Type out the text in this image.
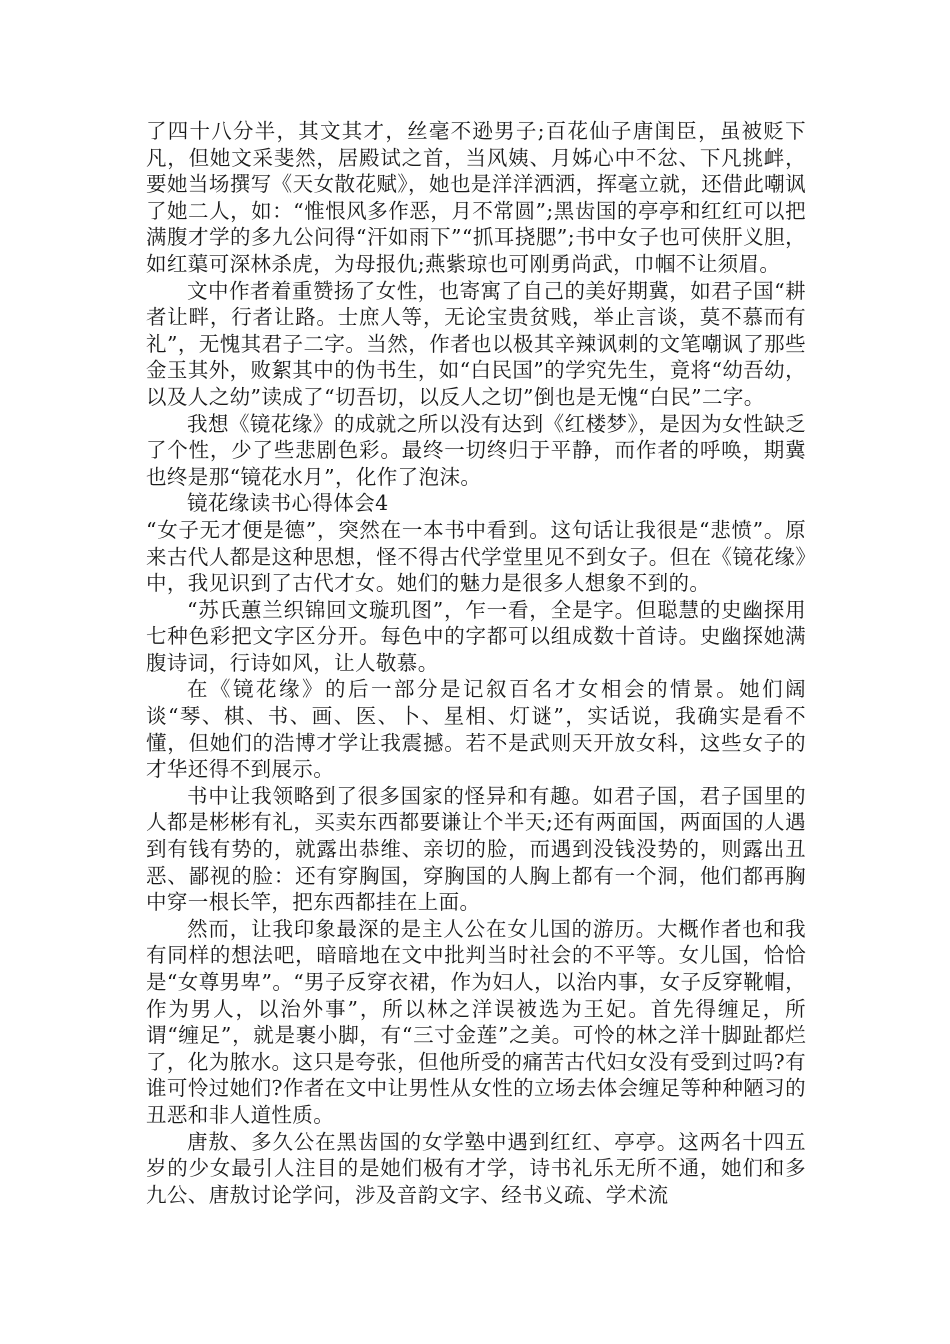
了四十八分半，其文其才，丝毫不逊男子;百花仙子唐闺臣，虽被贬下凡，但她文采斐然，居殿试之首，当风姨、月姊心中不忿、下凡挑衅，要她当场撰写《天女散花赋》，她也是洋洋洒洒，挥毫立就，还借此嘲讽了她二人，如：“惟恨风多作恶，月不常圆”;黑齿国的亭亭和红红可以把满腹才学的多九公问得“汗如雨下”“抓耳挠腮”;书中女子也可侠肝义胆，如红蕖可深林杀虎，为母报仇;燕紫琼也可刚勇尚武，巾帼不让须眉。

文中作者着重赞扬了女性，也寄寓了自己的美好期冀，如君子国“耕者让畔，行者让路。士庶人等，无论宝贵贫贱，举止言谈，莫不慕而有礼”，无愧其君子二字。当然，作者也以极其辛辣讽刺的文笔嘲讽了那些金玉其外，败絮其中的伪书生，如“白民国”的学究先生，竟将“幼吾幼，以及人之幼”读成了“切吾切，以反人之切”倒也是无愧“白民”二字。

我想《镜花缘》的成就之所以没有达到《红楼梦》，是因为女性缺乏了个性，少了些悲剧色彩。最终一切终归于平静，而作者的呼唤，期冀也终是那“镜花水月”，化作了泡沫。

镜花缘读书心得体会4

“女子无才便是德”，突然在一本书中看到。这句话让我很是“悲愤”。原来古代人都是这种思想，怪不得古代学堂里见不到女子。但在《镜花缘》中，我见识到了古代才女。她们的魅力是很多人想象不到的。

“苏氏蕙兰织锦回文璇玑图”，乍一看，全是字。但聪慧的史幽探用七种色彩把文字区分开。每色中的字都可以组成数十首诗。史幽探她满腹诗词，行诗如风，让人敬慕。

在《镜花缘》的后一部分是记叙百名才女相会的情景。她们阔谈“琴、棋、书、画、医、卜、星相、灯谜”，实话说，我确实是看不懂，但她们的浩博才学让我震撼。若不是武则天开放女科，这些女子的才华还得不到展示。

书中让我领略到了很多国家的怪异和有趣。如君子国，君子国里的人都是彬彬有礼，买卖东西都要谦让个半天;还有两面国，两面国的人遇到有钱有势的，就露出恭维、亲切的脸，而遇到没钱没势的，则露出丑恶、鄙视的脸：还有穿胸国，穿胸国的人胸上都有一个洞，他们都再胸中穿一根长竿，把东西都挂在上面。

然而，让我印象最深的是主人公在女儿国的游历。大概作者也和我有同样的想法吧，暗暗地在文中批判当时社会的不平等。女儿国，恰恰是“女尊男卑”。“男子反穿衣裙，作为妇人，以治内事，女子反穿靴帽，作为男人，以治外事”，所以林之洋误被选为王妃。首先得缠足，所谓“缠足”，就是裹小脚，有“三寸金莲”之美。可怜的林之洋十脚趾都烂了，化为脓水。这只是夸张，但他所受的痛苦古代妇女没有受到过吗?有谁可怜过她们?作者在文中让男性从女性的立场去体会缠足等种种陋习的丑恶和非人道性质。

唐敖、多久公在黑齿国的女学塾中遇到红红、亭亭。这两名十四五岁的少女最引人注目的是她们极有才学，诗书礼乐无所不通，她们和多九公、唐敖讨论学问，涉及音韵文字、经书义疏、学术流
